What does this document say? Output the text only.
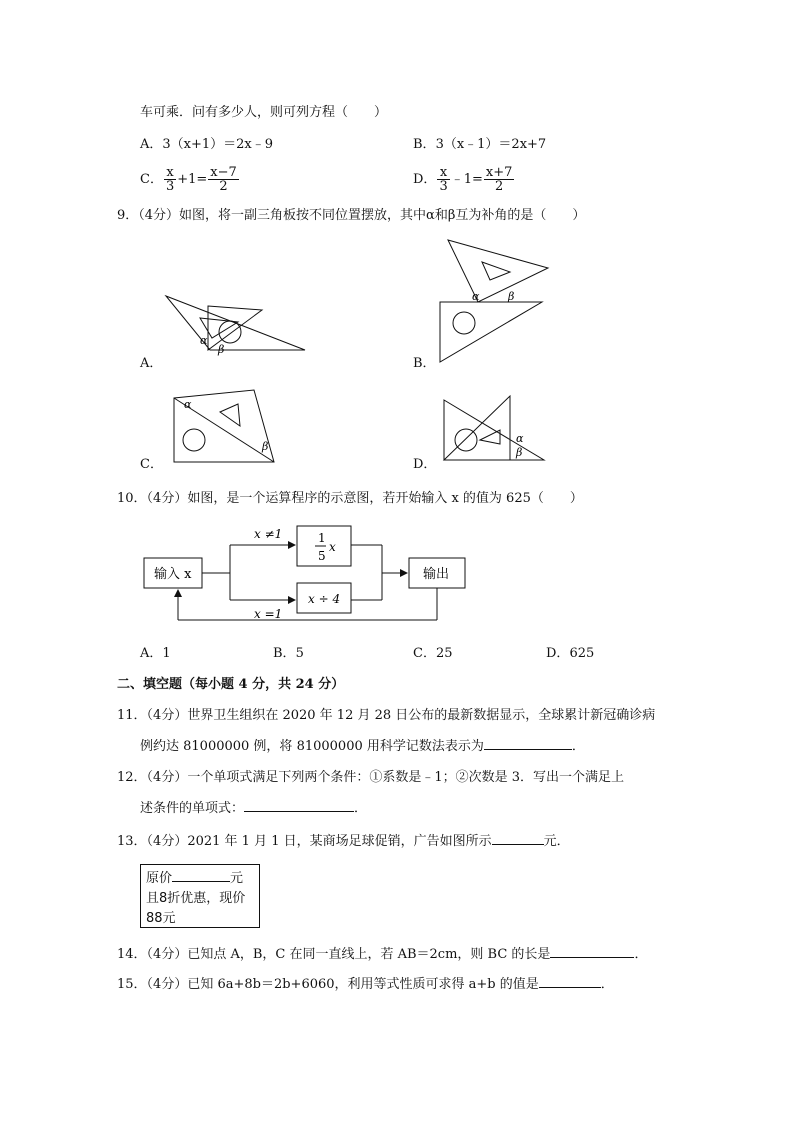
车可乘．问有多少人，则可列方程（　　）
A．3（x+1）＝2x﹣9	B．3（x﹣1）＝2x+7
C． $\frac{x}{3} +1= \frac{x-7}{2}$	D． $\frac{x}{3}$ ﹣1= $\frac{x+7}{2}$
9．（4分）如图，将一副三角板按不同位置摆放，其中α和β互为补角的是（　　）
α
β
A．
α	β
B．
α
β
C．
α
β
D．
10．（4分）如图，是一个运算程序的示意图，若开始输入 x 的值为 625（　　）
输入 x
x ≠1
x =1
1
5
x
x ÷ 4
输出
A．1	B．5	C．25	D．625
二、填空题（每小题 4 分，共 24 分）
11．（4分）世界卫生组织在 2020 年 12 月 28 日公布的最新数据显示，全球累计新冠确诊病
例约达 81000000 例，将 81000000 用科学记数法表示为	．
12．（4分）一个单项式满足下列两个条件：①系数是﹣1；②次数是 3．写出一个满足上
述条件的单项式：	．
13．（4分）2021 年 1 月 1 日，某商场足球促销，广告如图所示	元．
原价	元
且8折优惠，现价
88元
14．（4分）已知点 A，B，C 在同一直线上，若 AB＝2cm，则 BC 的长是	．
15．（4分）已知 6a+8b＝2b+6060，利用等式性质可求得 a+b 的值是	．
